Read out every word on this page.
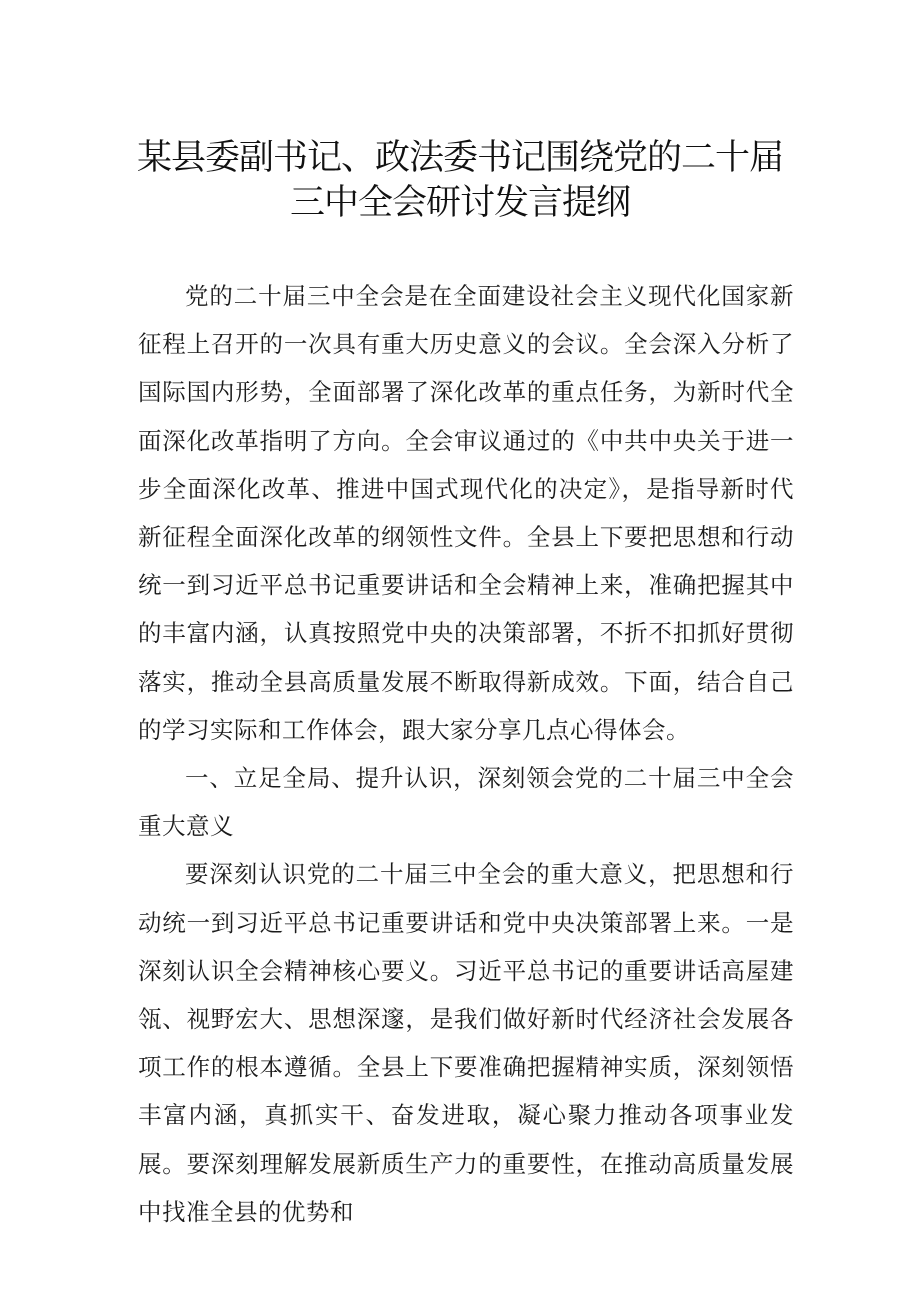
某县委副书记、政法委书记围绕党的二十届
三中全会研讨发言提纲

党的二十届三中全会是在全面建设社会主义现代化国家新征程上召开的一次具有重大历史意义的会议。全会深入分析了国际国内形势，全面部署了深化改革的重点任务，为新时代全面深化改革指明了方向。全会审议通过的《中共中央关于进一步全面深化改革、推进中国式现代化的决定》，是指导新时代新征程全面深化改革的纲领性文件。全县上下要把思想和行动统一到习近平总书记重要讲话和全会精神上来，准确把握其中的丰富内涵，认真按照党中央的决策部署，不折不扣抓好贯彻落实，推动全县高质量发展不断取得新成效。下面，结合自己的学习实际和工作体会，跟大家分享几点心得体会。

一、立足全局、提升认识，深刻领会党的二十届三中全会重大意义

要深刻认识党的二十届三中全会的重大意义，把思想和行动统一到习近平总书记重要讲话和党中央决策部署上来。一是深刻认识全会精神核心要义。习近平总书记的重要讲话高屋建瓴、视野宏大、思想深邃，是我们做好新时代经济社会发展各项工作的根本遵循。全县上下要准确把握精神实质，深刻领悟丰富内涵，真抓实干、奋发进取，凝心聚力推动各项事业发展。要深刻理解发展新质生产力的重要性，在推动高质量发展中找准全县的优势和
